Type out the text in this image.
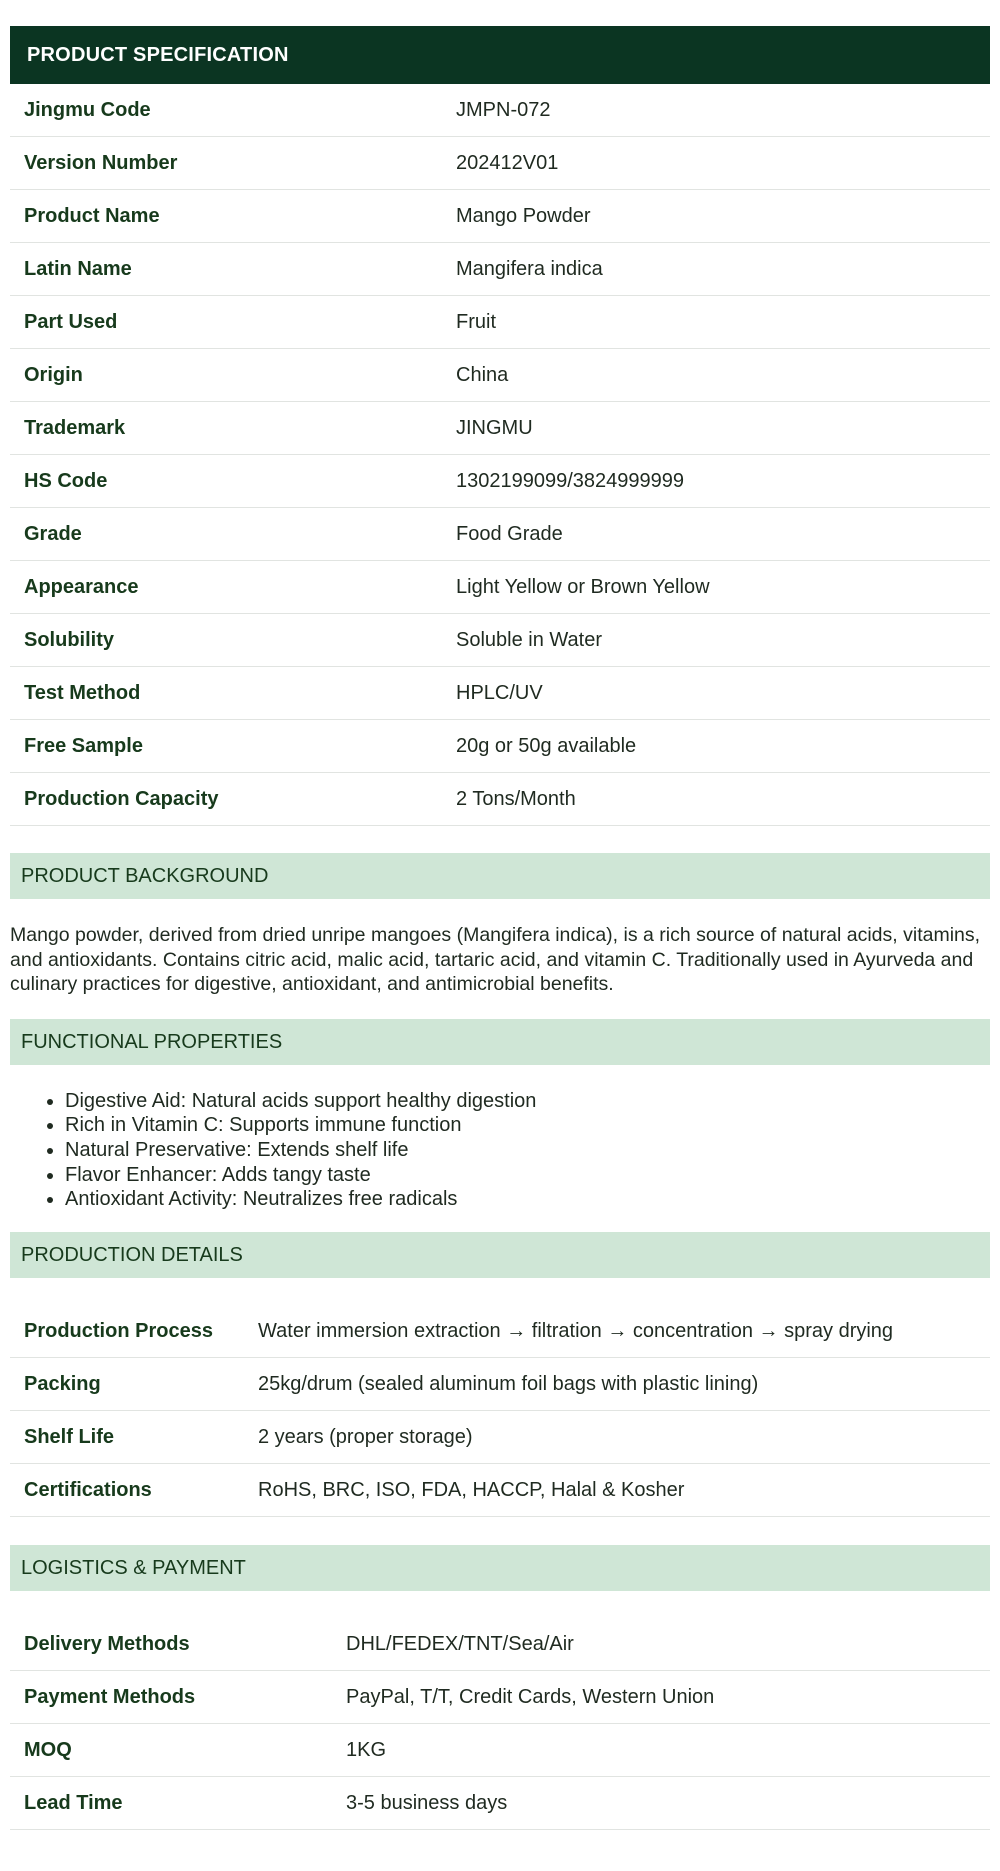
PRODUCT SPECIFICATION
Jingmu Code	JMPN-072
Version Number	202412V01
Product Name	Mango Powder
Latin Name	Mangifera indica
Part Used	Fruit
Origin	China
Trademark	JINGMU
HS Code	1302199099/3824999999
Grade	Food Grade
Appearance	Light Yellow or Brown Yellow
Solubility	Soluble in Water
Test Method	HPLC/UV
Free Sample	20g or 50g available
Production Capacity	2 Tons/Month
PRODUCT BACKGROUND

Mango powder, derived from dried unripe mangoes (Mangifera indica), is a rich source of natural acids, vitamins, and antioxidants. Contains citric acid, malic acid, tartaric acid, and vitamin C. Traditionally used in Ayurveda and culinary practices for digestive, antioxidant, and antimicrobial benefits.

FUNCTIONAL PROPERTIES
• Digestive Aid: Natural acids support healthy digestion
• Rich in Vitamin C: Supports immune function
• Natural Preservative: Extends shelf life
• Flavor Enhancer: Adds tangy taste
• Antioxidant Activity: Neutralizes free radicals
PRODUCTION DETAILS
Production Process	Water immersion extraction → filtration → concentration → spray drying
Packing	25kg/drum (sealed aluminum foil bags with plastic lining)
Shelf Life	2 years (proper storage)
Certifications	RoHS, BRC, ISO, FDA, HACCP, Halal & Kosher
LOGISTICS & PAYMENT
Delivery Methods	DHL/FEDEX/TNT/Sea/Air
Payment Methods	PayPal, T/T, Credit Cards, Western Union
MOQ	1KG
Lead Time	3-5 business days
